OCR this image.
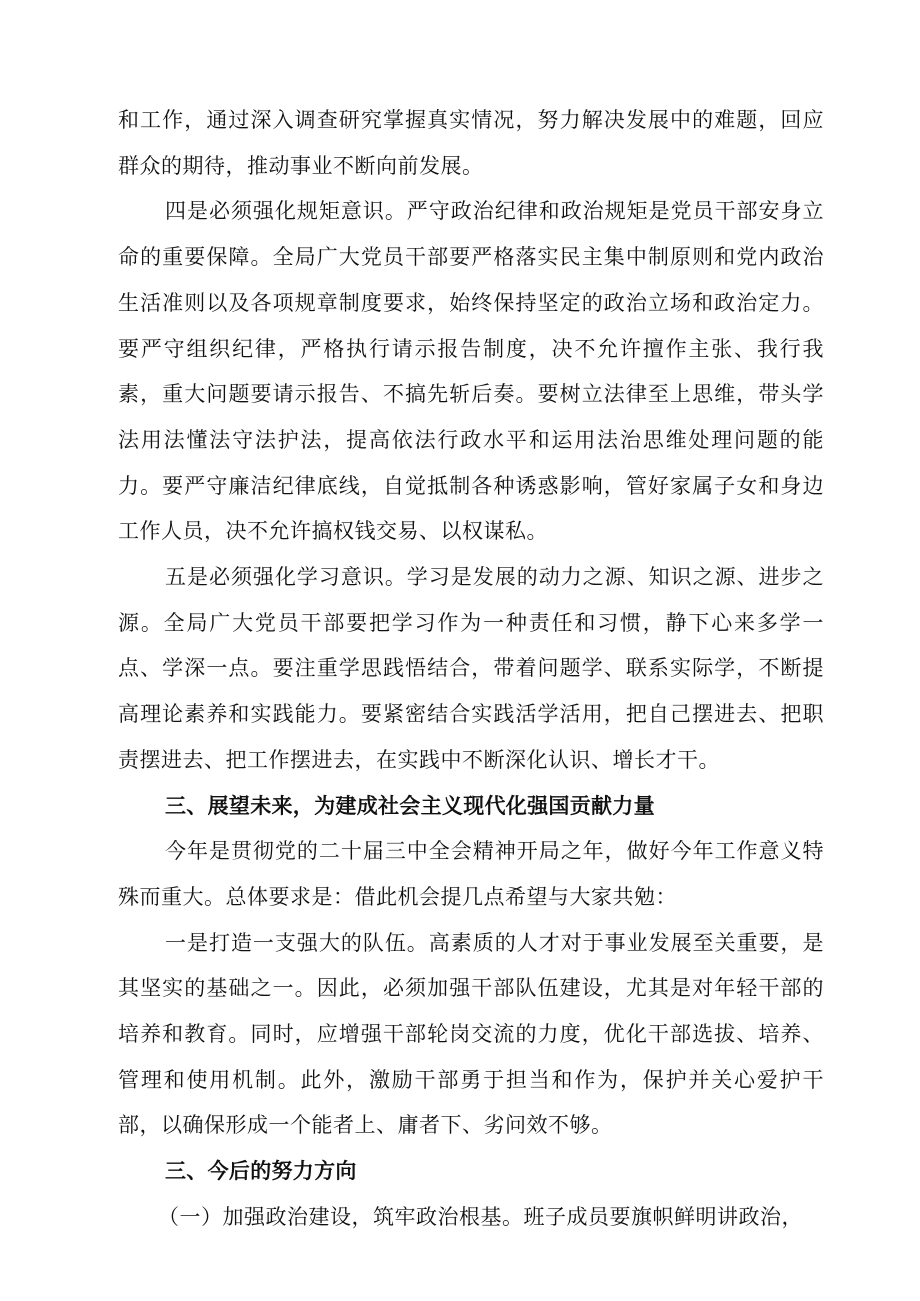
和工作，通过深入调查研究掌握真实情况，努力解决发展中的难题，回应群众的期待，推动事业不断向前发展。

四是必须强化规矩意识。严守政治纪律和政治规矩是党员干部安身立命的重要保障。全局广大党员干部要严格落实民主集中制原则和党内政治生活准则以及各项规章制度要求，始终保持坚定的政治立场和政治定力。要严守组织纪律，严格执行请示报告制度，决不允许擅作主张、我行我素，重大问题要请示报告、不搞先斩后奏。要树立法律至上思维，带头学法用法懂法守法护法，提高依法行政水平和运用法治思维处理问题的能力。要严守廉洁纪律底线，自觉抵制各种诱惑影响，管好家属子女和身边工作人员，决不允许搞权钱交易、以权谋私。

五是必须强化学习意识。学习是发展的动力之源、知识之源、进步之源。全局广大党员干部要把学习作为一种责任和习惯，静下心来多学一点、学深一点。要注重学思践悟结合，带着问题学、联系实际学，不断提高理论素养和实践能力。要紧密结合实践活学活用，把自己摆进去、把职责摆进去、把工作摆进去，在实践中不断深化认识、增长才干。

三、展望未来，为建成社会主义现代化强国贡献力量

今年是贯彻党的二十届三中全会精神开局之年，做好今年工作意义特殊而重大。总体要求是：借此机会提几点希望与大家共勉：

一是打造一支强大的队伍。高素质的人才对于事业发展至关重要，是其坚实的基础之一。因此，必须加强干部队伍建设，尤其是对年轻干部的培养和教育。同时，应增强干部轮岗交流的力度，优化干部选拔、培养、管理和使用机制。此外，激励干部勇于担当和作为，保护并关心爱护干部，以确保形成一个能者上、庸者下、劣问效不够。

三、今后的努力方向

（一）加强政治建设，筑牢政治根基。班子成员要旗帜鲜明讲政治，
